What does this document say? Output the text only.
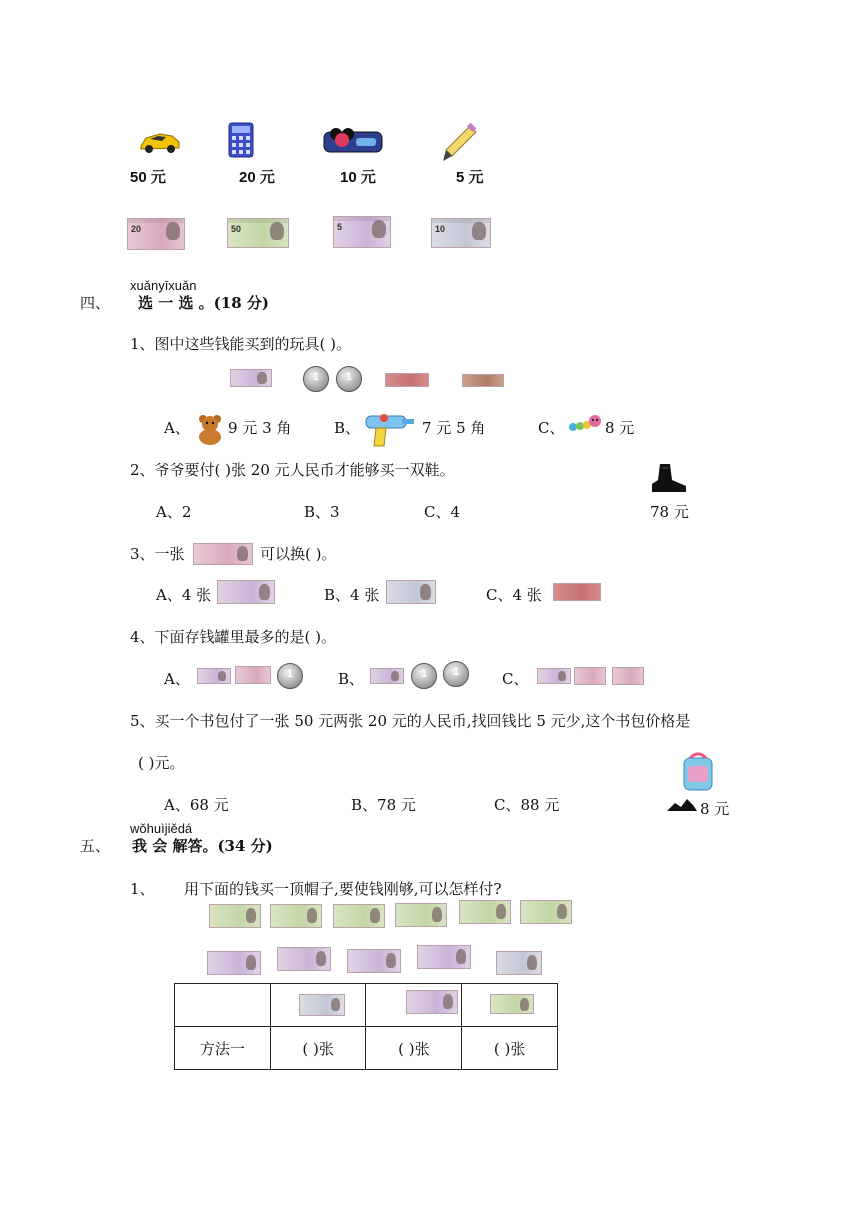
50 元	20 元	10 元	5 元
20	50	5	10
xuǎnyīxuǎn
四、 选 一 选 。(18 分)
1、图中这些钱能买到的玩具( )。
1	1
A、	9 元 3 角	B、	7 元 5 角	C、	8 元
2、爷爷要付( )张 20 元人民币才能够买一双鞋。
A、2	B、3	C、4	78 元
3、一张	可以换( )。
A、4 张	B、4 张	C、4 张
4、下面存钱罐里最多的是( )。
A、	1	B、	1	1	C、
5、买一个书包付了一张 50 元两张 20 元的人民币,找回钱比 5 元少,这个书包价格是
( )元。
8 元
A、68 元	B、78 元	C、88 元
wǒhuìjiědá
五、 我 会 解答。(34 分)
1、 用下面的钱买一顶帽子,要使钱刚够,可以怎样付?

方法一	( )张	( )张	( )张
